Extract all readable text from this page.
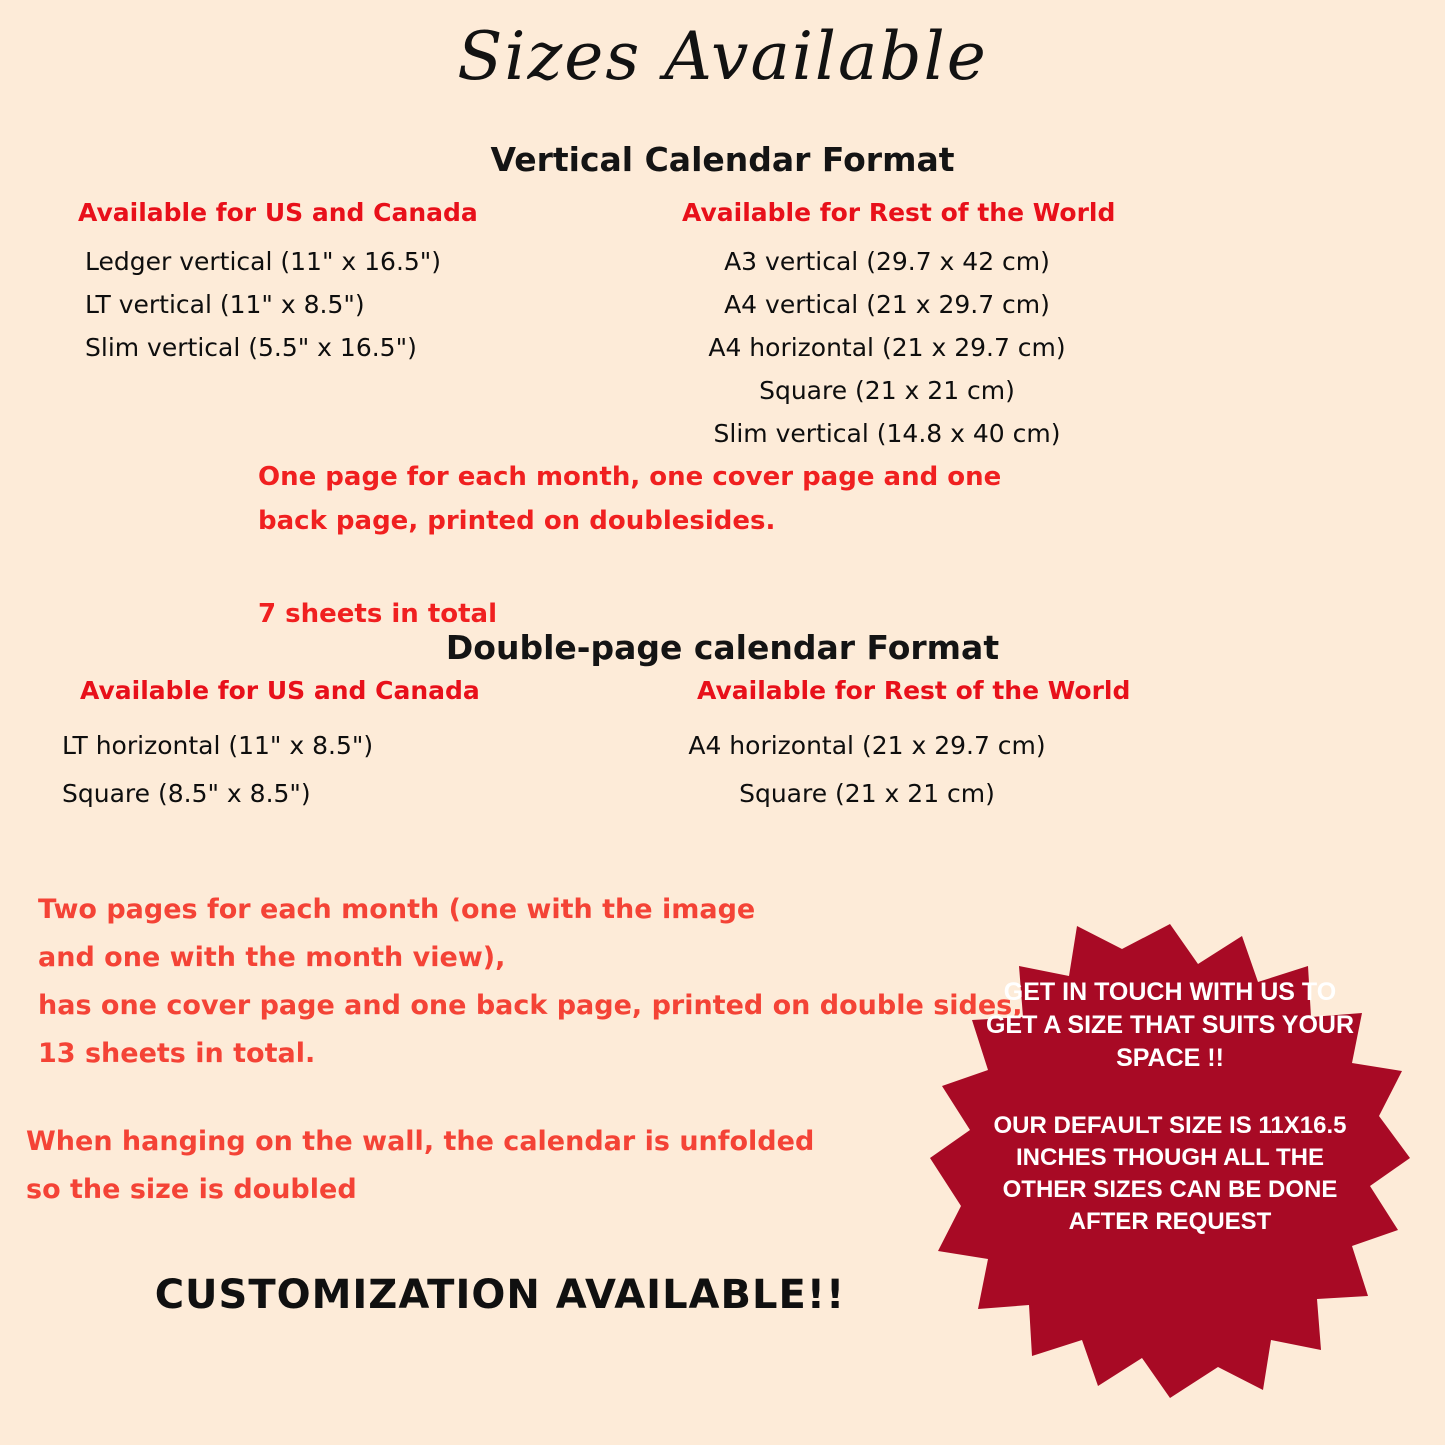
Sizes Available
Vertical Calendar Format
Available for US and Canada	Available for Rest of the World
Ledger vertical (11" x 16.5")
LT vertical (11" x 8.5")
Slim vertical (5.5" x 16.5")
A3 vertical (29.7 x 42 cm)
A4 vertical (21 x 29.7 cm)
A4 horizontal (21 x 29.7 cm)
Square (21 x 21 cm)
Slim vertical (14.8 x 40 cm)
One page for each month, one cover page and one back page, printed on doublesides.
7 sheets in total
Double-page calendar Format
Available for US and Canada	Available for Rest of the World
LT horizontal (11" x 8.5")
Square (8.5" x 8.5")
A4 horizontal (21 x 29.7 cm)
Square (21 x 21 cm)
Two pages for each month (one with the image
and one with the month view),
has one cover page and one back page, printed on double sides,
13 sheets in total.
When hanging on the wall, the calendar is unfolded
so the size is doubled
CUSTOMIZATION AVAILABLE!!
GET IN TOUCH WITH US TO GET A SIZE THAT SUITS YOUR SPACE !!
OUR DEFAULT SIZE IS 11X16.5 INCHES THOUGH ALL THE OTHER SIZES CAN BE DONE AFTER REQUEST
